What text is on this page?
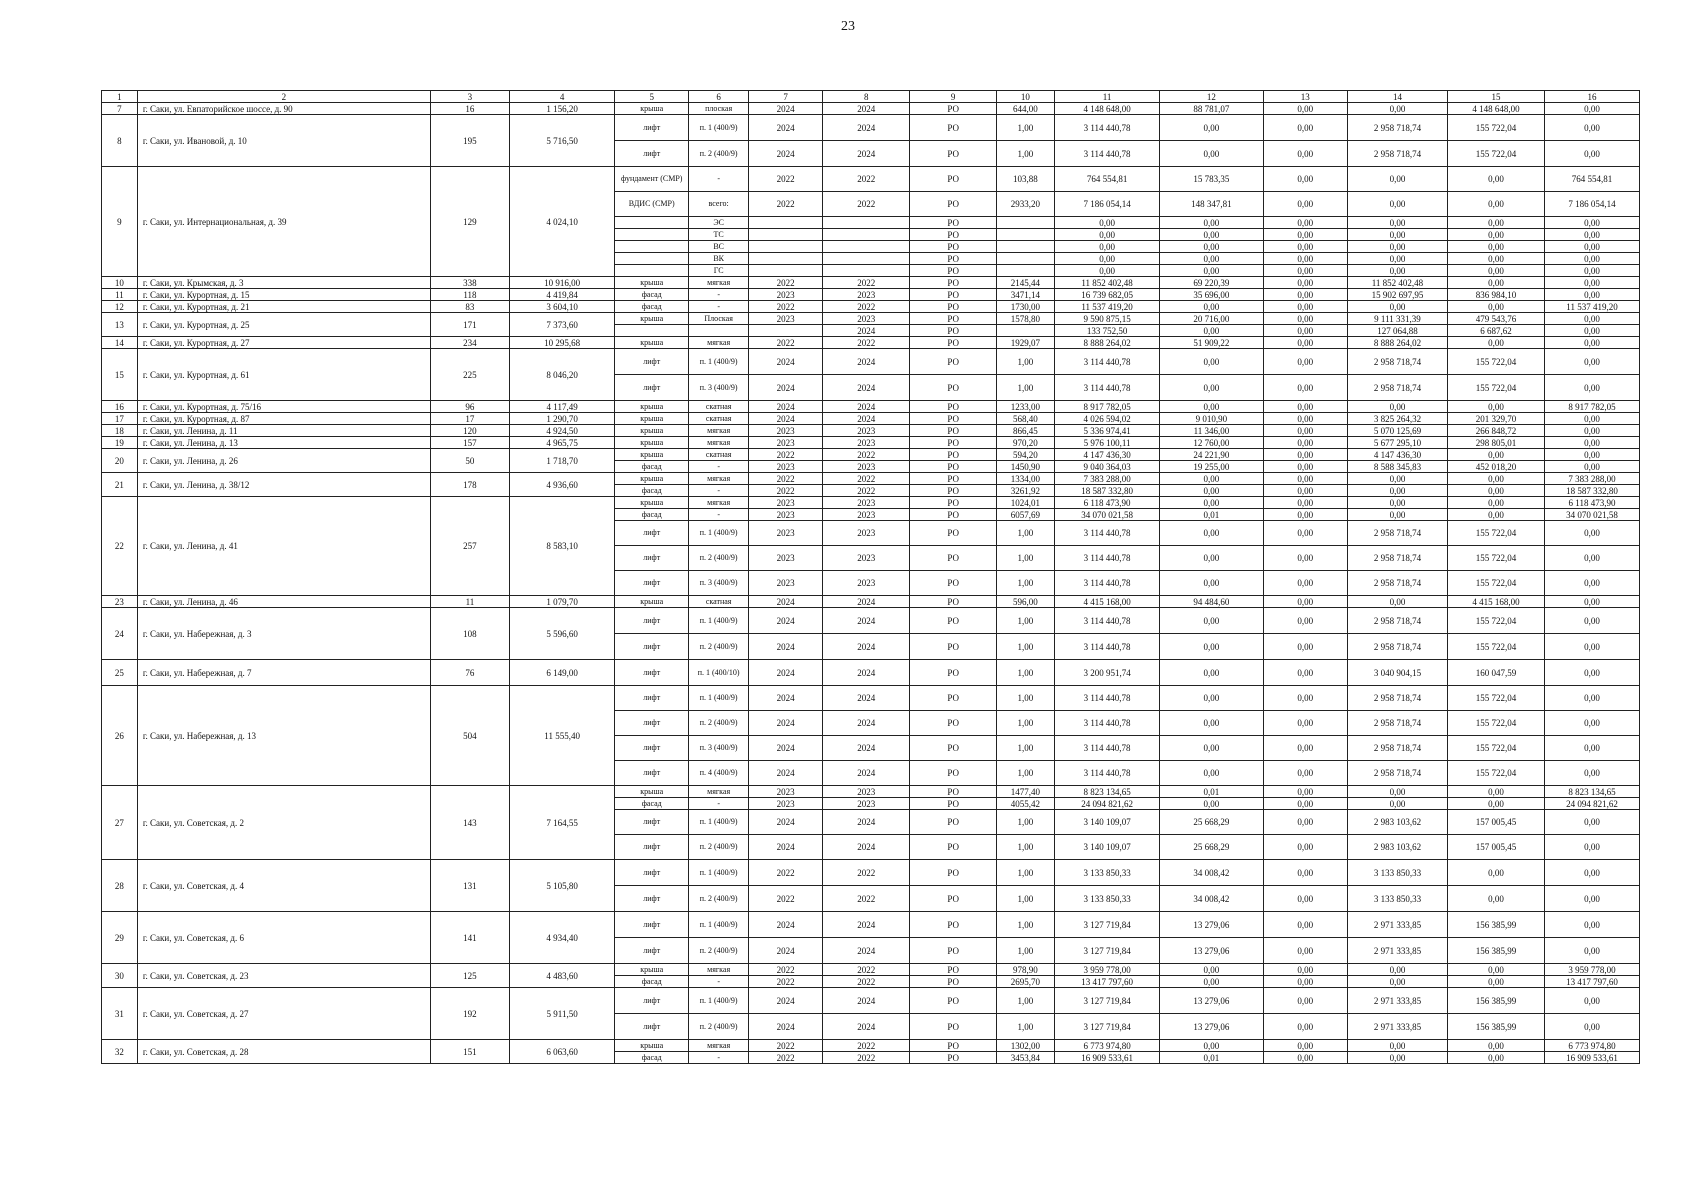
23
1	2	3	4	5	6	7	8	9	10	11	12	13	14	15	16
7	г. Саки, ул. Евпаторийское шоссе, д. 90	16	1 156,20	крыша	плоская	2024	2024	РО	644,00	4 148 648,00	88 781,07	0,00	0,00	4 148 648,00	0,00
8	г. Саки, ул. Ивановой, д. 10	195	5 716,50	лифт	п. 1 (400/9)	2024	2024	РО	1,00	3 114 440,78	0,00	0,00	2 958 718,74	155 722,04	0,00
				лифт	п. 2 (400/9)	2024	2024	РО	1,00	3 114 440,78	0,00	0,00	2 958 718,74	155 722,04	0,00
9	г. Саки, ул. Интернациональная, д. 39	129	4 024,10	фундамент (СМР)	-	2022	2022	РО	103,88	764 554,81	15 783,35	0,00	0,00	0,00	764 554,81
				ВДИС (СМР)	всего:	2022	2022	РО	2933,20	7 186 054,14	148 347,81	0,00	0,00	0,00	7 186 054,14
					ЭС			РО		0,00	0,00	0,00	0,00	0,00	0,00
					ТС			РО		0,00	0,00	0,00	0,00	0,00	0,00
					ВС			РО		0,00	0,00	0,00	0,00	0,00	0,00
					ВК			РО		0,00	0,00	0,00	0,00	0,00	0,00
					ГС			РО		0,00	0,00	0,00	0,00	0,00	0,00
10	г. Саки, ул. Крымская, д. 3	338	10 916,00	крыша	мягкая	2022	2022	РО	2145,44	11 852 402,48	69 220,39	0,00	11 852 402,48	0,00	0,00
11	г. Саки, ул. Курортная, д. 15	118	4 419,84	фасад	-	2023	2023	РО	3471,14	16 739 682,05	35 696,00	0,00	15 902 697,95	836 984,10	0,00
12	г. Саки, ул. Курортная, д. 21	83	3 604,10	фасад	-	2022	2022	РО	1730,00	11 537 419,20	0,00	0,00	0,00	0,00	11 537 419,20
13	г. Саки, ул. Курортная, д. 25	171	7 373,60	крыша	Плоская	2023	2023	РО	1578,80	9 590 875,15	20 716,00	0,00	9 111 331,39	479 543,76	0,00
							2024	РО		133 752,50	0,00	0,00	127 064,88	6 687,62	0,00
14	г. Саки, ул. Курортная, д. 27	234	10 295,68	крыша	мягкая	2022	2022	РО	1929,07	8 888 264,02	51 909,22	0,00	8 888 264,02	0,00	0,00
15	г. Саки, ул. Курортная, д. 61	225	8 046,20	лифт	п. 1 (400/9)	2024	2024	РО	1,00	3 114 440,78	0,00	0,00	2 958 718,74	155 722,04	0,00
				лифт	п. 3 (400/9)	2024	2024	РО	1,00	3 114 440,78	0,00	0,00	2 958 718,74	155 722,04	0,00
16	г. Саки, ул. Курортная, д. 75/16	96	4 117,49	крыша	скатная	2024	2024	РО	1233,00	8 917 782,05	0,00	0,00	0,00	0,00	8 917 782,05
17	г. Саки, ул. Курортная, д. 87	17	1 290,70	крыша	скатная	2024	2024	РО	568,40	4 026 594,02	9 010,90	0,00	3 825 264,32	201 329,70	0,00
18	г. Саки, ул. Ленина, д. 11	120	4 924,50	крыша	мягкая	2023	2023	РО	866,45	5 336 974,41	11 346,00	0,00	5 070 125,69	266 848,72	0,00
19	г. Саки, ул. Ленина, д. 13	157	4 965,75	крыша	мягкая	2023	2023	РО	970,20	5 976 100,11	12 760,00	0,00	5 677 295,10	298 805,01	0,00
20	г. Саки, ул. Ленина, д. 26	50	1 718,70	крыша	скатная	2022	2022	РО	594,20	4 147 436,30	24 221,90	0,00	4 147 436,30	0,00	0,00
				фасад	-	2023	2023	РО	1450,90	9 040 364,03	19 255,00	0,00	8 588 345,83	452 018,20	0,00
21	г. Саки, ул. Ленина, д. 38/12	178	4 936,60	крыша	мягкая	2022	2022	РО	1334,00	7 383 288,00	0,00	0,00	0,00	0,00	7 383 288,00
				фасад	-	2022	2022	РО	3261,92	18 587 332,80	0,00	0,00	0,00	0,00	18 587 332,80
22	г. Саки, ул. Ленина, д. 41	257	8 583,10	крыша	мягкая	2023	2023	РО	1024,01	6 118 473,90	0,00	0,00	0,00	0,00	6 118 473,90
				фасад	-	2023	2023	РО	6057,69	34 070 021,58	0,01	0,00	0,00	0,00	34 070 021,58
				лифт	п. 1 (400/9)	2023	2023	РО	1,00	3 114 440,78	0,00	0,00	2 958 718,74	155 722,04	0,00
				лифт	п. 2 (400/9)	2023	2023	РО	1,00	3 114 440,78	0,00	0,00	2 958 718,74	155 722,04	0,00
				лифт	п. 3 (400/9)	2023	2023	РО	1,00	3 114 440,78	0,00	0,00	2 958 718,74	155 722,04	0,00
23	г. Саки, ул. Ленина, д. 46	11	1 079,70	крыша	скатная	2024	2024	РО	596,00	4 415 168,00	94 484,60	0,00	0,00	4 415 168,00	0,00
24	г. Саки, ул. Набережная, д. 3	108	5 596,60	лифт	п. 1 (400/9)	2024	2024	РО	1,00	3 114 440,78	0,00	0,00	2 958 718,74	155 722,04	0,00
				лифт	п. 2 (400/9)	2024	2024	РО	1,00	3 114 440,78	0,00	0,00	2 958 718,74	155 722,04	0,00
25	г. Саки, ул. Набережная, д. 7	76	6 149,00	лифт	п. 1 (400/10)	2024	2024	РО	1,00	3 200 951,74	0,00	0,00	3 040 904,15	160 047,59	0,00
26	г. Саки, ул. Набережная, д. 13	504	11 555,40	лифт	п. 1 (400/9)	2024	2024	РО	1,00	3 114 440,78	0,00	0,00	2 958 718,74	155 722,04	0,00
				лифт	п. 2 (400/9)	2024	2024	РО	1,00	3 114 440,78	0,00	0,00	2 958 718,74	155 722,04	0,00
				лифт	п. 3 (400/9)	2024	2024	РО	1,00	3 114 440,78	0,00	0,00	2 958 718,74	155 722,04	0,00
				лифт	п. 4 (400/9)	2024	2024	РО	1,00	3 114 440,78	0,00	0,00	2 958 718,74	155 722,04	0,00
27	г. Саки, ул. Советская, д. 2	143	7 164,55	крыша	мягкая	2023	2023	РО	1477,40	8 823 134,65	0,01	0,00	0,00	0,00	8 823 134,65
				фасад	-	2023	2023	РО	4055,42	24 094 821,62	0,00	0,00	0,00	0,00	24 094 821,62
				лифт	п. 1 (400/9)	2024	2024	РО	1,00	3 140 109,07	25 668,29	0,00	2 983 103,62	157 005,45	0,00
				лифт	п. 2 (400/9)	2024	2024	РО	1,00	3 140 109,07	25 668,29	0,00	2 983 103,62	157 005,45	0,00
28	г. Саки, ул. Советская, д. 4	131	5 105,80	лифт	п. 1 (400/9)	2022	2022	РО	1,00	3 133 850,33	34 008,42	0,00	3 133 850,33	0,00	0,00
				лифт	п. 2 (400/9)	2022	2022	РО	1,00	3 133 850,33	34 008,42	0,00	3 133 850,33	0,00	0,00
29	г. Саки, ул. Советская, д. 6	141	4 934,40	лифт	п. 1 (400/9)	2024	2024	РО	1,00	3 127 719,84	13 279,06	0,00	2 971 333,85	156 385,99	0,00
				лифт	п. 2 (400/9)	2024	2024	РО	1,00	3 127 719,84	13 279,06	0,00	2 971 333,85	156 385,99	0,00
30	г. Саки, ул. Советская, д. 23	125	4 483,60	крыша	мягкая	2022	2022	РО	978,90	3 959 778,00	0,00	0,00	0,00	0,00	3 959 778,00
				фасад	-	2022	2022	РО	2695,70	13 417 797,60	0,00	0,00	0,00	0,00	13 417 797,60
31	г. Саки, ул. Советская, д. 27	192	5 911,50	лифт	п. 1 (400/9)	2024	2024	РО	1,00	3 127 719,84	13 279,06	0,00	2 971 333,85	156 385,99	0,00
				лифт	п. 2 (400/9)	2024	2024	РО	1,00	3 127 719,84	13 279,06	0,00	2 971 333,85	156 385,99	0,00
32	г. Саки, ул. Советская, д. 28	151	6 063,60	крыша	мягкая	2022	2022	РО	1302,00	6 773 974,80	0,00	0,00	0,00	0,00	6 773 974,80
				фасад	-	2022	2022	РО	3453,84	16 909 533,61	0,01	0,00	0,00	0,00	16 909 533,61
